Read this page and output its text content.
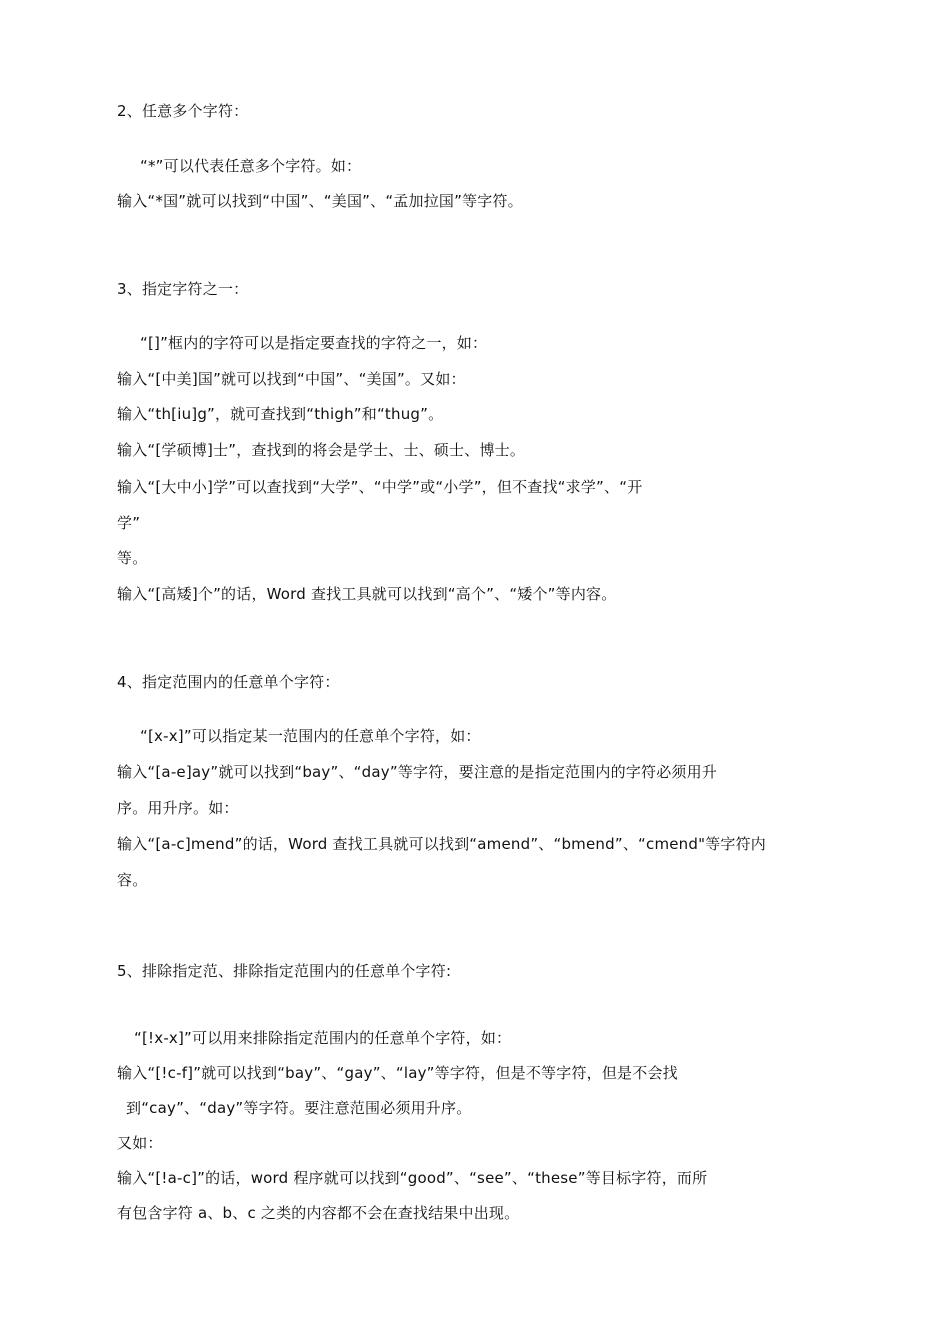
2、任意多个字符：
“*”可以代表任意多个字符。如：
输入“*国”就可以找到“中国”、“美国”、“孟加拉国”等字符。
3、指定字符之一：
“[]”框内的字符可以是指定要查找的字符之一，如：
输入“[中美]国”就可以找到“中国”、“美国”。又如：
输入“th[iu]g”，就可查找到“thigh”和“thug”。
输入“[学硕博]士”，查找到的将会是学士、士、硕士、博士。
输入“[大中小]学”可以查找到“大学”、“中学”或“小学”，但不查找“求学”、“开
学”
等。
输入“[高矮]个”的话，Word 查找工具就可以找到“高个”、“矮个”等内容。
4、指定范围内的任意单个字符：
“[x-x]”可以指定某一范围内的任意单个字符，如：
输入“[a-e]ay”就可以找到“bay”、“day”等字符，要注意的是指定范围内的字符必须用升
序。用升序。如：
输入“[a-c]mend”的话，Word 查找工具就可以找到“amend”、“bmend”、“cmend"等字符内
容。
5、排除指定范、排除指定范围内的任意单个字符:
“[!x-x]”可以用来排除指定范围内的任意单个字符，如：
输入“[!c-f]”就可以找到“bay”、“gay”、“lay”等字符，但是不等字符，但是不会找
到“cay”、“day”等字符。要注意范围必须用升序。
又如：
输入“[!a-c]”的话，word 程序就可以找到“good”、“see”、“these”等目标字符，而所
有包含字符 a、b、c 之类的内容都不会在查找结果中出现。
